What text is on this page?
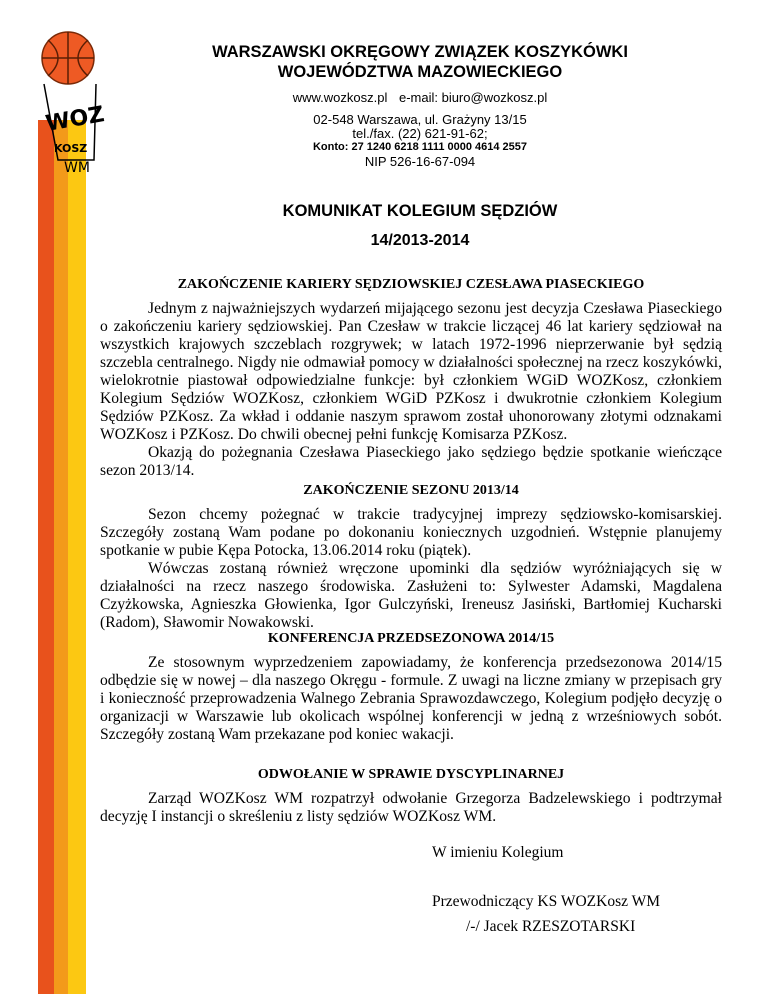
WOZ
KOSZ
WM
WARSZAWSKI OKRĘGOWY ZWIĄZEK KOSZYKÓWKI
WOJEWÓDZTWA MAZOWIECKIEGO
www.wozkosz.pl e-mail: biuro@wozkosz.pl
02-548 Warszawa, ul. Grażyny 13/15
tel./fax. (22) 621-91-62;
Konto: 27 1240 6218 1111 0000 4614 2557
NIP 526-16-67-094
KOMUNIKAT KOLEGIUM SĘDZIÓW
14/2013-2014

ZAKOŃCZENIE KARIERY SĘDZIOWSKIEJ CZESŁAWA PIASECKIEGO

Jednym z najważniejszych wydarzeń mijającego sezonu jest decyzja Czesława Piaseckiego o zakończeniu kariery sędziowskiej. Pan Czesław w trakcie liczącej 46 lat kariery sędziował na wszystkich krajowych szczeblach rozgrywek; w latach 1972-1996 nieprzerwanie był sędzią szczebla centralnego. Nigdy nie odmawiał pomocy w działalności społecznej na rzecz koszykówki, wielokrotnie piastował odpowiedzialne funkcje: był członkiem WGiD WOZKosz, członkiem Kolegium Sędziów WOZKosz, członkiem WGiD PZKosz i dwukrotnie członkiem Kolegium Sędziów PZKosz. Za wkład i oddanie naszym sprawom został uhonorowany złotymi odznakami WOZKosz i PZKosz. Do chwili obecnej pełni funkcję Komisarza PZKosz.

Okazją do pożegnania Czesława Piaseckiego jako sędziego będzie spotkanie wieńczące sezon 2013/14.

ZAKOŃCZENIE SEZONU 2013/14

Sezon chcemy pożegnać w trakcie tradycyjnej imprezy sędziowsko-komisarskiej. Szczegóły zostaną Wam podane po dokonaniu koniecznych uzgodnień. Wstępnie planujemy spotkanie w pubie Kępa Potocka, 13.06.2014 roku (piątek).

Wówczas zostaną również wręczone upominki dla sędziów wyróżniających się w działalności na rzecz naszego środowiska. Zasłużeni to: Sylwester Adamski, Magdalena Czyżkowska, Agnieszka Głowienka, Igor Gulczyński, Ireneusz Jasiński, Bartłomiej Kucharski (Radom), Sławomir Nowakowski.

KONFERENCJA PRZEDSEZONOWA 2014/15

Ze stosownym wyprzedzeniem zapowiadamy, że konferencja przedsezonowa 2014/15 odbędzie się w nowej – dla naszego Okręgu - formule. Z uwagi na liczne zmiany w przepisach gry i konieczność przeprowadzenia Walnego Zebrania Sprawozdawczego, Kolegium podjęło decyzję o organizacji w Warszawie lub okolicach wspólnej konferencji w jedną z wrześniowych sobót. Szczegóły zostaną Wam przekazane pod koniec wakacji.

ODWOŁANIE W SPRAWIE DYSCYPLINARNEJ

Zarząd WOZKosz WM rozpatrzył odwołanie Grzegorza Badzelewskiego i podtrzymał decyzję I instancji o skreśleniu z listy sędziów WOZKosz WM.

W imieniu Kolegium
Przewodniczący KS WOZKosz WM
/-/ Jacek RZESZOTARSKI
